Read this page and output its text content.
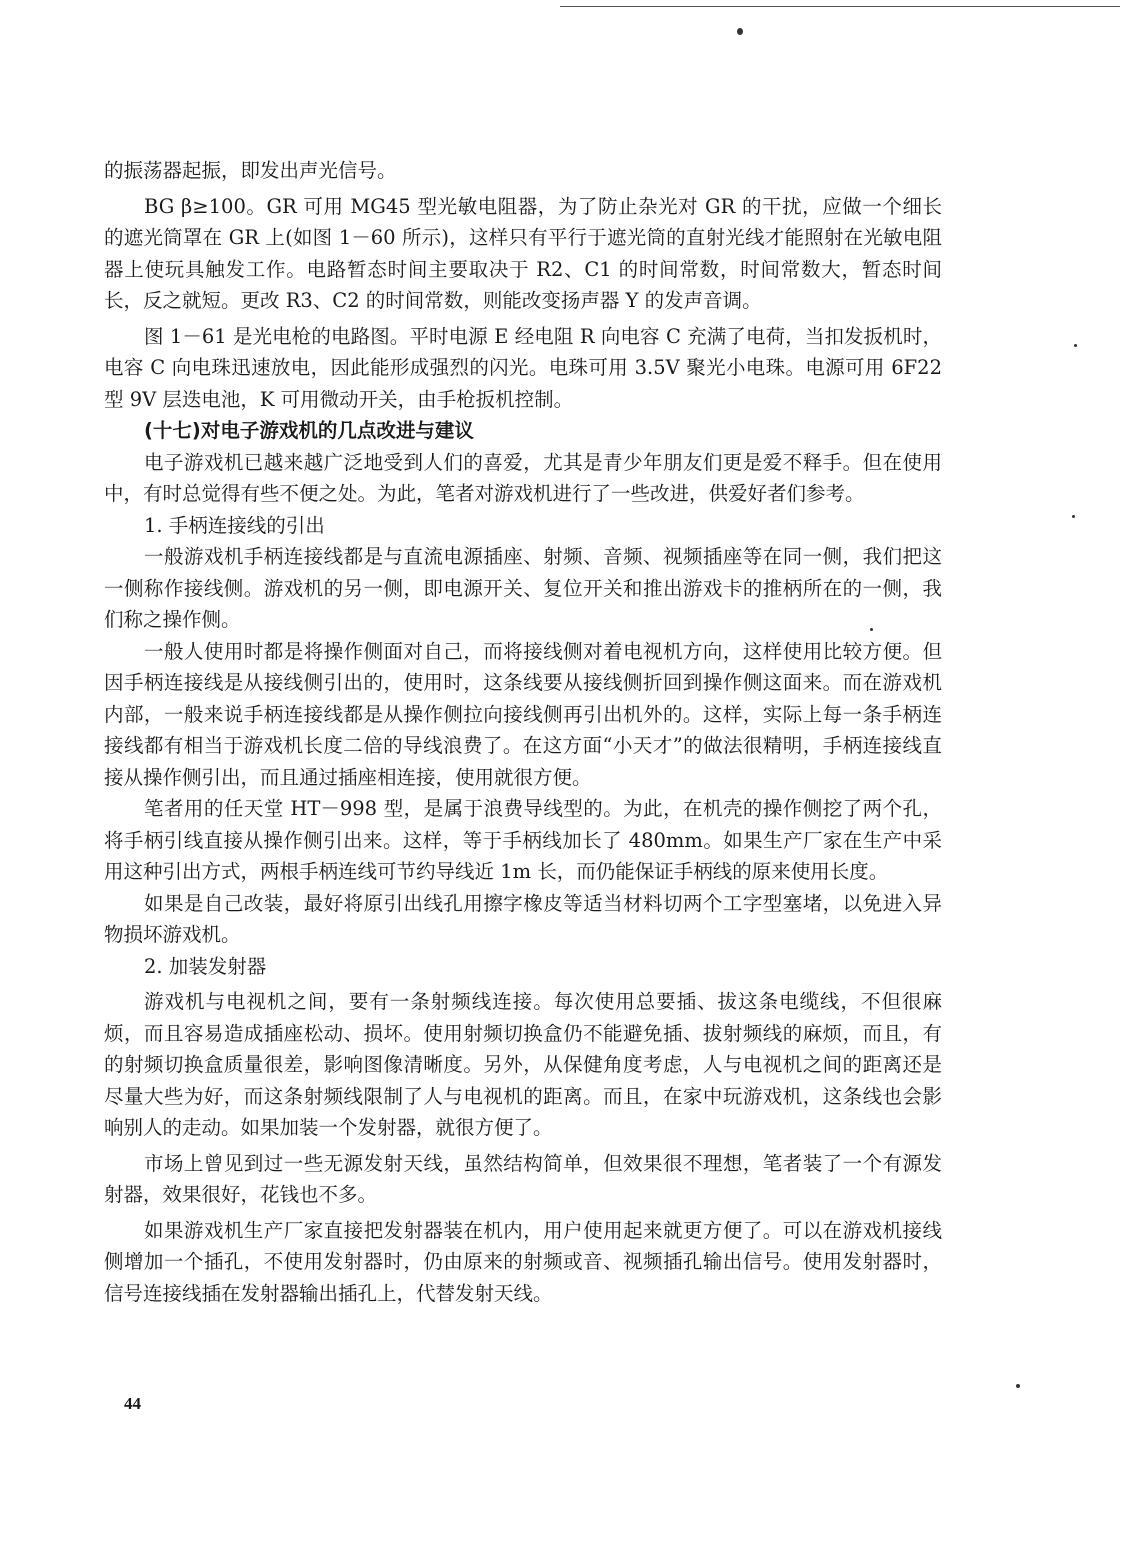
的振荡器起振，即发出声光信号。

BG β≥100。GR 可用 MG45 型光敏电阻器，为了防止杂光对 GR 的干扰，应做一个细长的遮光筒罩在 GR 上(如图 1－60 所示)，这样只有平行于遮光筒的直射光线才能照射在光敏电阻器上使玩具触发工作。电路暂态时间主要取决于 R2、C1 的时间常数，时间常数大，暂态时间长，反之就短。更改 R3、C2 的时间常数，则能改变扬声器 Y 的发声音调。

图 1－61 是光电枪的电路图。平时电源 E 经电阻 R 向电容 C 充满了电荷，当扣发扳机时，电容 C 向电珠迅速放电，因此能形成强烈的闪光。电珠可用 3.5V 聚光小电珠。电源可用 6F22 型 9V 层迭电池，K 可用微动开关，由手枪扳机控制。

(十七)对电子游戏机的几点改进与建议

电子游戏机已越来越广泛地受到人们的喜爱，尤其是青少年朋友们更是爱不释手。但在使用中，有时总觉得有些不便之处。为此，笔者对游戏机进行了一些改进，供爱好者们参考。

1. 手柄连接线的引出

一般游戏机手柄连接线都是与直流电源插座、射频、音频、视频插座等在同一侧，我们把这一侧称作接线侧。游戏机的另一侧，即电源开关、复位开关和推出游戏卡的推柄所在的一侧，我们称之操作侧。

一般人使用时都是将操作侧面对自己，而将接线侧对着电视机方向，这样使用比较方便。但因手柄连接线是从接线侧引出的，使用时，这条线要从接线侧折回到操作侧这面来。而在游戏机内部，一般来说手柄连接线都是从操作侧拉向接线侧再引出机外的。这样，实际上每一条手柄连接线都有相当于游戏机长度二倍的导线浪费了。在这方面“小天才”的做法很精明，手柄连接线直接从操作侧引出，而且通过插座相连接，使用就很方便。

笔者用的任天堂 HT－998 型，是属于浪费导线型的。为此，在机壳的操作侧挖了两个孔，将手柄引线直接从操作侧引出来。这样，等于手柄线加长了 480mm。如果生产厂家在生产中采用这种引出方式，两根手柄连线可节约导线近 1m 长，而仍能保证手柄线的原来使用长度。

如果是自己改装，最好将原引出线孔用擦字橡皮等适当材料切两个工字型塞堵，以免进入异物损坏游戏机。

2. 加装发射器

游戏机与电视机之间，要有一条射频线连接。每次使用总要插、拔这条电缆线，不但很麻烦，而且容易造成插座松动、损坏。使用射频切换盒仍不能避免插、拔射频线的麻烦，而且，有的射频切换盒质量很差，影响图像清晰度。另外，从保健角度考虑，人与电视机之间的距离还是尽量大些为好，而这条射频线限制了人与电视机的距离。而且，在家中玩游戏机，这条线也会影响别人的走动。如果加装一个发射器，就很方便了。

市场上曾见到过一些无源发射天线，虽然结构简单，但效果很不理想，笔者装了一个有源发射器，效果很好，花钱也不多。

如果游戏机生产厂家直接把发射器装在机内，用户使用起来就更方便了。可以在游戏机接线侧增加一个插孔，不使用发射器时，仍由原来的射频或音、视频插孔输出信号。使用发射器时，信号连接线插在发射器输出插孔上，代替发射天线。

44
